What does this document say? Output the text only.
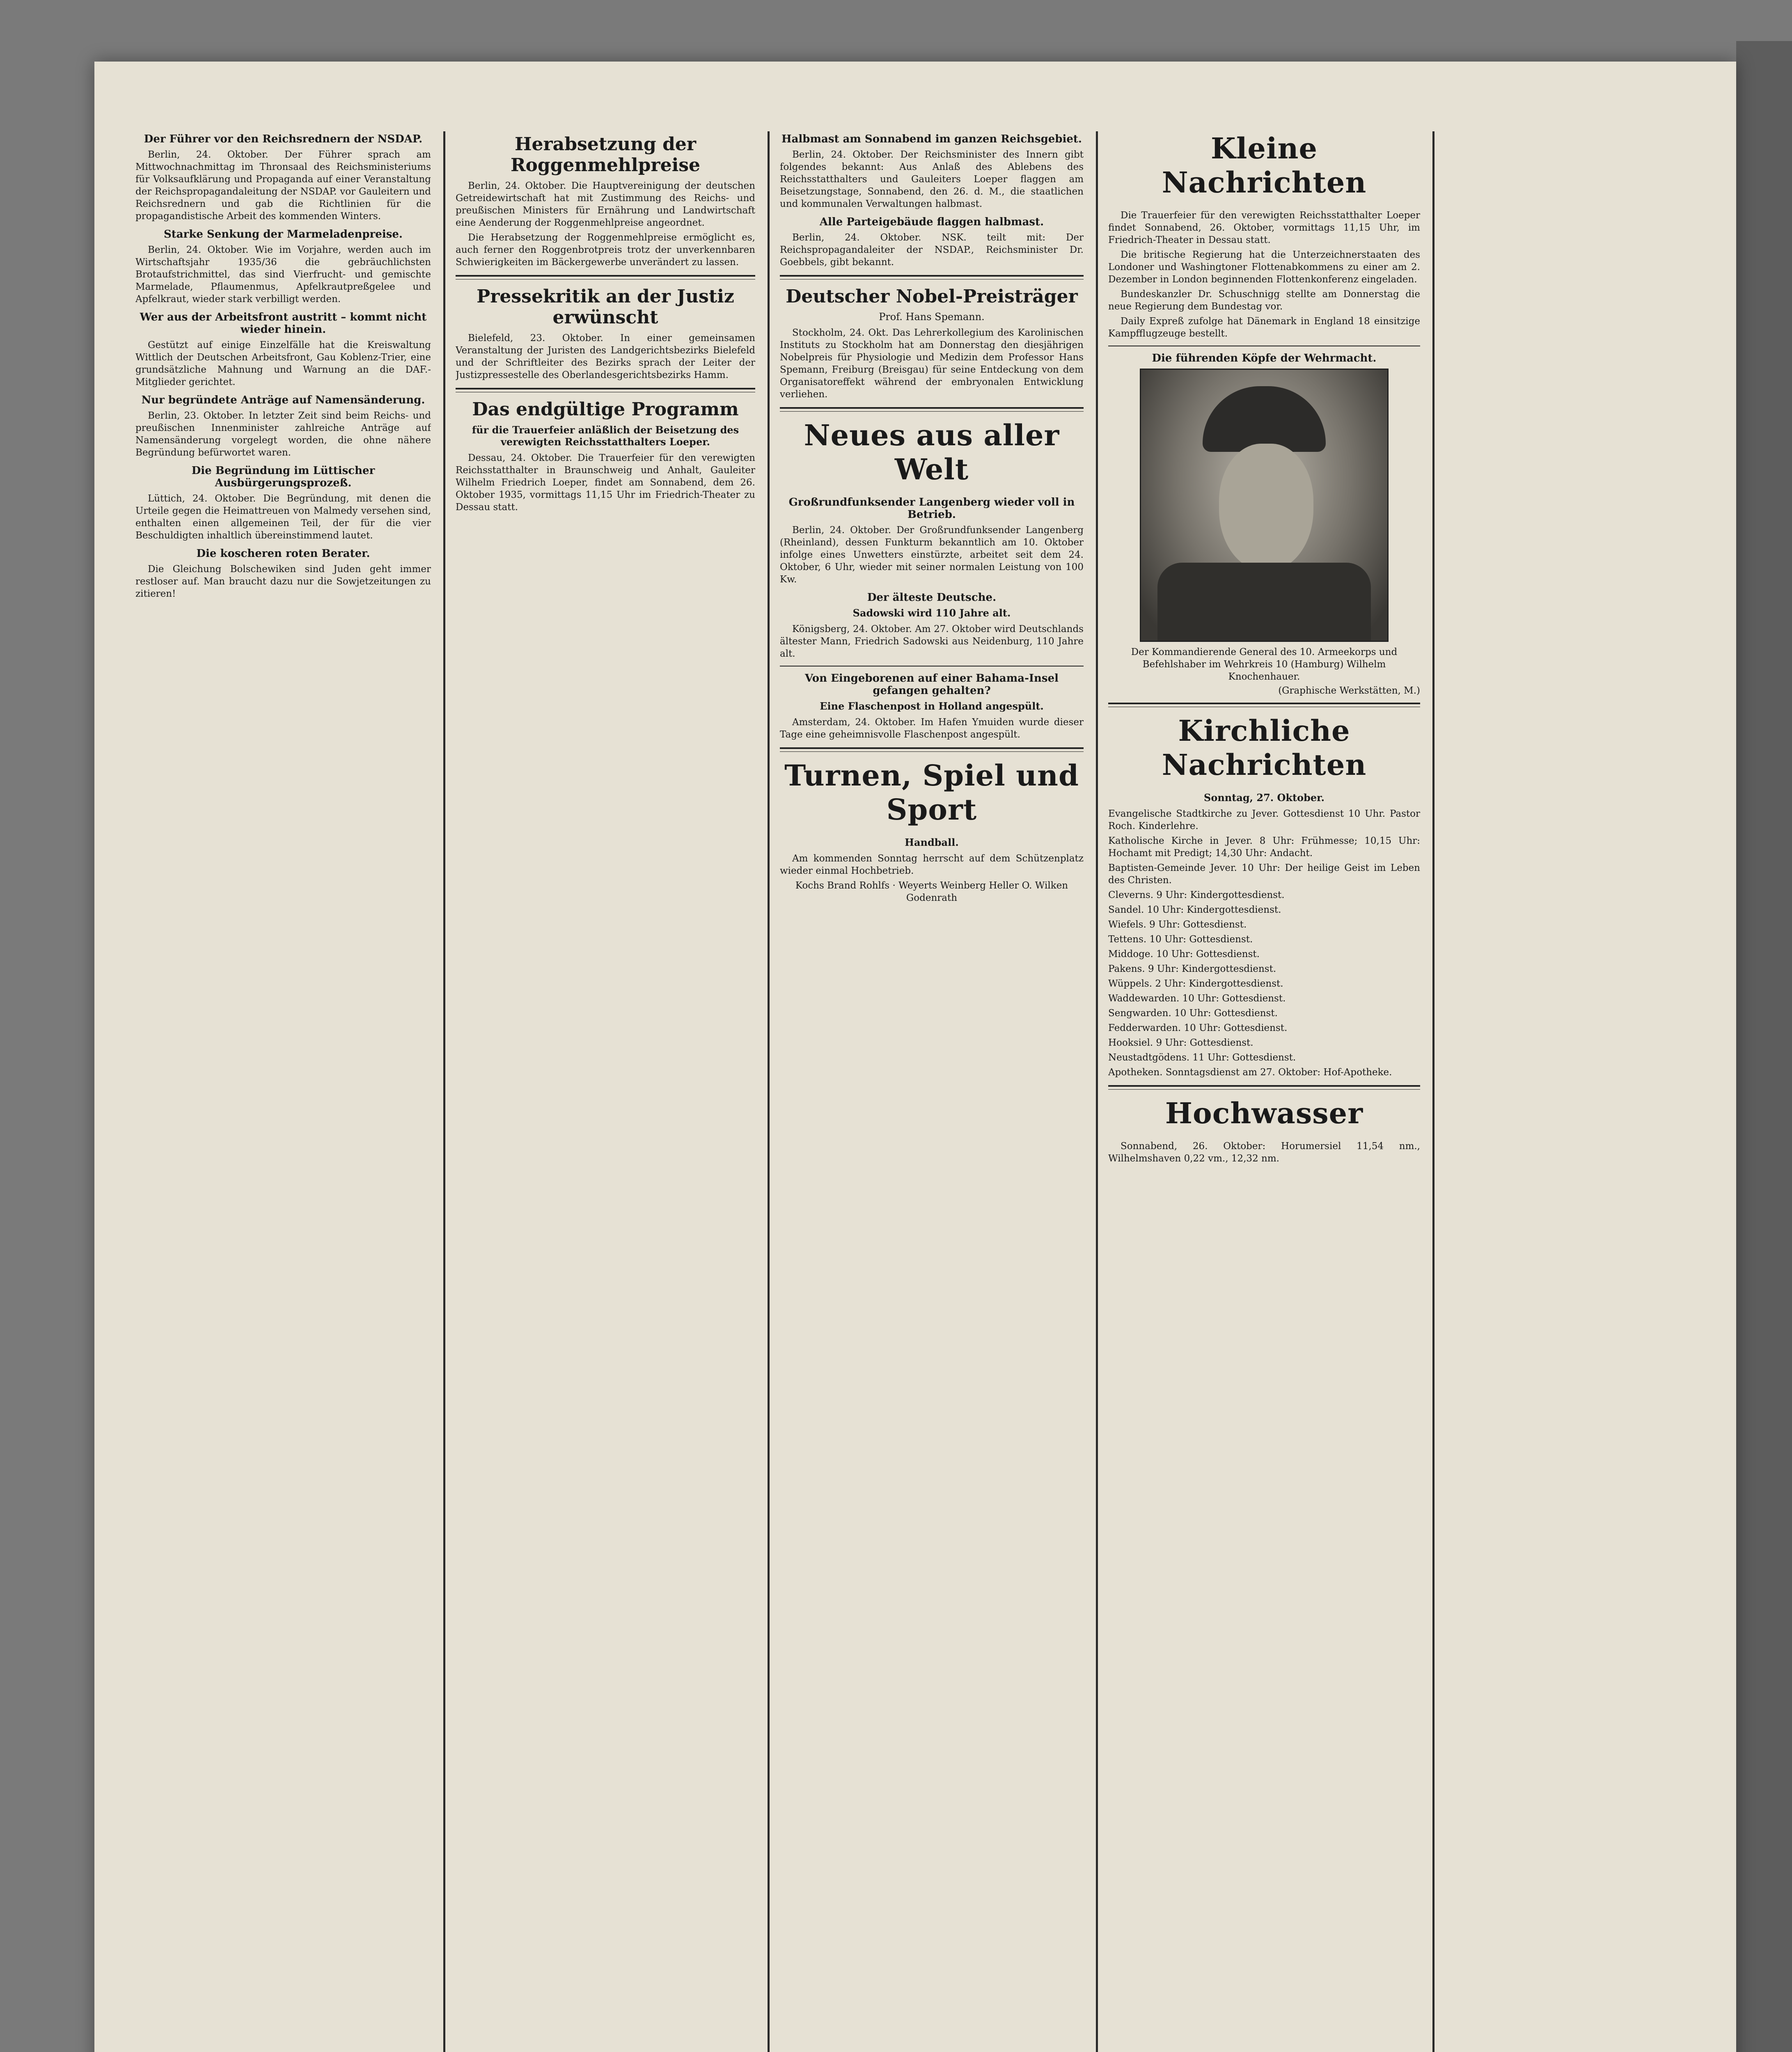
Der Führer vor den Reichsrednern der NSDAP.

Berlin, 24. Oktober. Der Führer sprach am Mittwochnachmittag im Thronsaal des Reichsministeriums für Volksaufklärung und Propaganda auf einer Veranstaltung der Reichspropagandaleitung der NSDAP. vor Gauleitern und Reichsrednern und gab die Richtlinien für die propagandistische Arbeit des kommenden Winters.

Starke Senkung der Marmeladenpreise.

Berlin, 24. Oktober. Wie im Vorjahre, werden auch im Wirtschaftsjahr 1935/36 die gebräuchlichsten Brotaufstrichmittel, das sind Vierfrucht- und gemischte Marmelade, Pflaumenmus, Apfelkrautpreßgelee und Apfelkraut, wieder stark verbilligt werden.

Wer aus der Arbeitsfront austritt – kommt nicht wieder hinein.

Gestützt auf einige Einzelfälle hat die Kreiswaltung Wittlich der Deutschen Arbeitsfront, Gau Koblenz-Trier, eine grundsätzliche Mahnung und Warnung an die DAF.-Mitglieder gerichtet.

Nur begründete Anträge auf Namensänderung.

Berlin, 23. Oktober. In letzter Zeit sind beim Reichs- und preußischen Innenminister zahlreiche Anträge auf Namensänderung vorgelegt worden, die ohne nähere Begründung befürwortet waren.

Die Begründung im Lüttischer Ausbürgerungsprozeß.

Lüttich, 24. Oktober. Die Begründung, mit denen die Urteile gegen die Heimattreuen von Malmedy versehen sind, enthalten einen allgemeinen Teil, der für die vier Beschuldigten inhaltlich übereinstimmend lautet.

Die koscheren roten Berater.

Die Gleichung Bolschewiken sind Juden geht immer restloser auf. Man braucht dazu nur die Sowjetzeitungen zu zitieren!

Herabsetzung der Roggenmehlpreise

Berlin, 24. Oktober. Die Hauptvereinigung der deutschen Getreidewirtschaft hat mit Zustimmung des Reichs- und preußischen Ministers für Ernährung und Landwirtschaft eine Aenderung der Roggenmehlpreise angeordnet.

Die Herabsetzung der Roggenmehlpreise ermöglicht es, auch ferner den Roggenbrotpreis trotz der unverkennbaren Schwierigkeiten im Bäckergewerbe unverändert zu lassen.

Pressekritik an der Justiz erwünscht

Bielefeld, 23. Oktober. In einer gemeinsamen Veranstaltung der Juristen des Landgerichtsbezirks Bielefeld und der Schriftleiter des Bezirks sprach der Leiter der Justizpressestelle des Oberlandesgerichtsbezirks Hamm.

Das endgültige Programm
für die Trauerfeier anläßlich der Beisetzung des verewigten Reichsstatthalters Loeper.

Dessau, 24. Oktober. Die Trauerfeier für den verewigten Reichsstatthalter in Braunschweig und Anhalt, Gauleiter Wilhelm Friedrich Loeper, findet am Sonnabend, dem 26. Oktober 1935, vormittags 11,15 Uhr im Friedrich-Theater zu Dessau statt.

Halbmast am Sonnabend im ganzen Reichsgebiet.

Berlin, 24. Oktober. Der Reichsminister des Innern gibt folgendes bekannt: Aus Anlaß des Ablebens des Reichsstatthalters und Gauleiters Loeper flaggen am Beisetzungstage, Sonnabend, den 26. d. M., die staatlichen und kommunalen Verwaltungen halbmast.

Alle Parteigebäude flaggen halbmast.

Berlin, 24. Oktober. NSK. teilt mit: Der Reichspropagandaleiter der NSDAP., Reichsminister Dr. Goebbels, gibt bekannt.

Deutscher Nobel-Preisträger
Prof. Hans Spemann.

Stockholm, 24. Okt. Das Lehrerkollegium des Karolinischen Instituts zu Stockholm hat am Donnerstag den diesjährigen Nobelpreis für Physiologie und Medizin dem Professor Hans Spemann, Freiburg (Breisgau) für seine Entdeckung von dem Organisatoreffekt während der embryonalen Entwicklung verliehen.

Neues aus aller Welt
Großrundfunksender Langenberg wieder voll in Betrieb.

Berlin, 24. Oktober. Der Großrundfunksender Langenberg (Rheinland), dessen Funkturm bekanntlich am 10. Oktober infolge eines Unwetters einstürzte, arbeitet seit dem 24. Oktober, 6 Uhr, wieder mit seiner normalen Leistung von 100 Kw.

Der älteste Deutsche.
Sadowski wird 110 Jahre alt.

Königsberg, 24. Oktober. Am 27. Oktober wird Deutschlands ältester Mann, Friedrich Sadowski aus Neidenburg, 110 Jahre alt.

Von Eingeborenen auf einer Bahama-Insel gefangen gehalten?
Eine Flaschenpost in Holland angespült.

Amsterdam, 24. Oktober. Im Hafen Ymuiden wurde dieser Tage eine geheimnisvolle Flaschenpost angespült.

Turnen, Spiel und Sport
Handball.

Am kommenden Sonntag herrscht auf dem Schützenplatz wieder einmal Hochbetrieb.

Kochs Brand Rohlfs · Weyerts Weinberg Heller O. Wilken Godenrath

Kleine Nachrichten

Die Trauerfeier für den verewigten Reichsstatthalter Loeper findet Sonnabend, 26. Oktober, vormittags 11,15 Uhr, im Friedrich-Theater in Dessau statt.

Die britische Regierung hat die Unterzeichnerstaaten des Londoner und Washingtoner Flottenabkommens zu einer am 2. Dezember in London beginnenden Flottenkonferenz eingeladen.

Bundeskanzler Dr. Schuschnigg stellte am Donnerstag die neue Regierung dem Bundestag vor.

Daily Expreß zufolge hat Dänemark in England 18 einsitzige Kampfflugzeuge bestellt.

Die führenden Köpfe der Wehrmacht.
Der Kommandierende General des 10. Armeekorps und Befehlshaber im Wehrkreis 10 (Hamburg) Wilhelm Knochenhauer.
(Graphische Werkstätten, M.)
Kirchliche Nachrichten
Sonntag, 27. Oktober.

Evangelische Stadtkirche zu Jever. Gottesdienst 10 Uhr. Pastor Roch. Kinderlehre.

Katholische Kirche in Jever. 8 Uhr: Frühmesse; 10,15 Uhr: Hochamt mit Predigt; 14,30 Uhr: Andacht.

Baptisten-Gemeinde Jever. 10 Uhr: Der heilige Geist im Leben des Christen.

Cleverns. 9 Uhr: Kindergottesdienst.

Sandel. 10 Uhr: Kindergottesdienst.

Wiefels. 9 Uhr: Gottesdienst.

Tettens. 10 Uhr: Gottesdienst.

Middoge. 10 Uhr: Gottesdienst.

Pakens. 9 Uhr: Kindergottesdienst.

Wüppels. 2 Uhr: Kindergottesdienst.

Waddewarden. 10 Uhr: Gottesdienst.

Sengwarden. 10 Uhr: Gottesdienst.

Fedderwarden. 10 Uhr: Gottesdienst.

Hooksiel. 9 Uhr: Gottesdienst.

Neustadtgödens. 11 Uhr: Gottesdienst.

Apotheken. Sonntagsdienst am 27. Oktober: Hof-Apotheke.

Hochwasser

Sonnabend, 26. Oktober: Horumersiel 11,54 nm., Wilhelmshaven 0,22 vm., 12,32 nm.
